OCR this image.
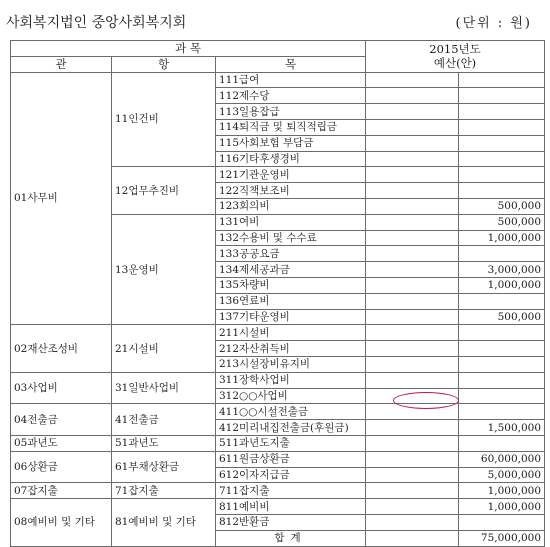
사회복지법인 중앙사회복지회	(단위 : 원)
과 목			2015년도
예산(안)	
관	항	목		
01사무비	11인건비	111급여		
		112제수당		
		113일용잡급		
		114퇴직금 및 퇴직적립금		
		115사회보험 부담금		
		116기타후생경비		
	12업무추진비	121기관운영비		
		122직책보조비		
		123회의비		500,000
	13운영비	131여비		500,000
		132수용비 및 수수료		1,000,000
		133공공요금		
		134제세공과금		3,000,000
		135차량비		1,000,000
		136연료비		
		137기타운영비		500,000
02재산조성비	21시설비	211시설비		
		212자산취득비		
		213시설장비유지비		
03사업비	31일반사업비	311장학사업비		
		312○○사업비		
04전출금	41전출금	411○○시설전출금		
		412미리내집전출금(후원금)		1,500,000
05과년도	51과년도	511과년도지출		
06상환금	61부채상환금	611원금상환금		60,000,000
		612이자지급금		5,000,000
07잡지출	71잡지출	711잡지출		1,000,000
08예비비 및 기타	81예비비 및 기타	811예비비		1,000,000
		812반환금		
		합계		75,000,000
